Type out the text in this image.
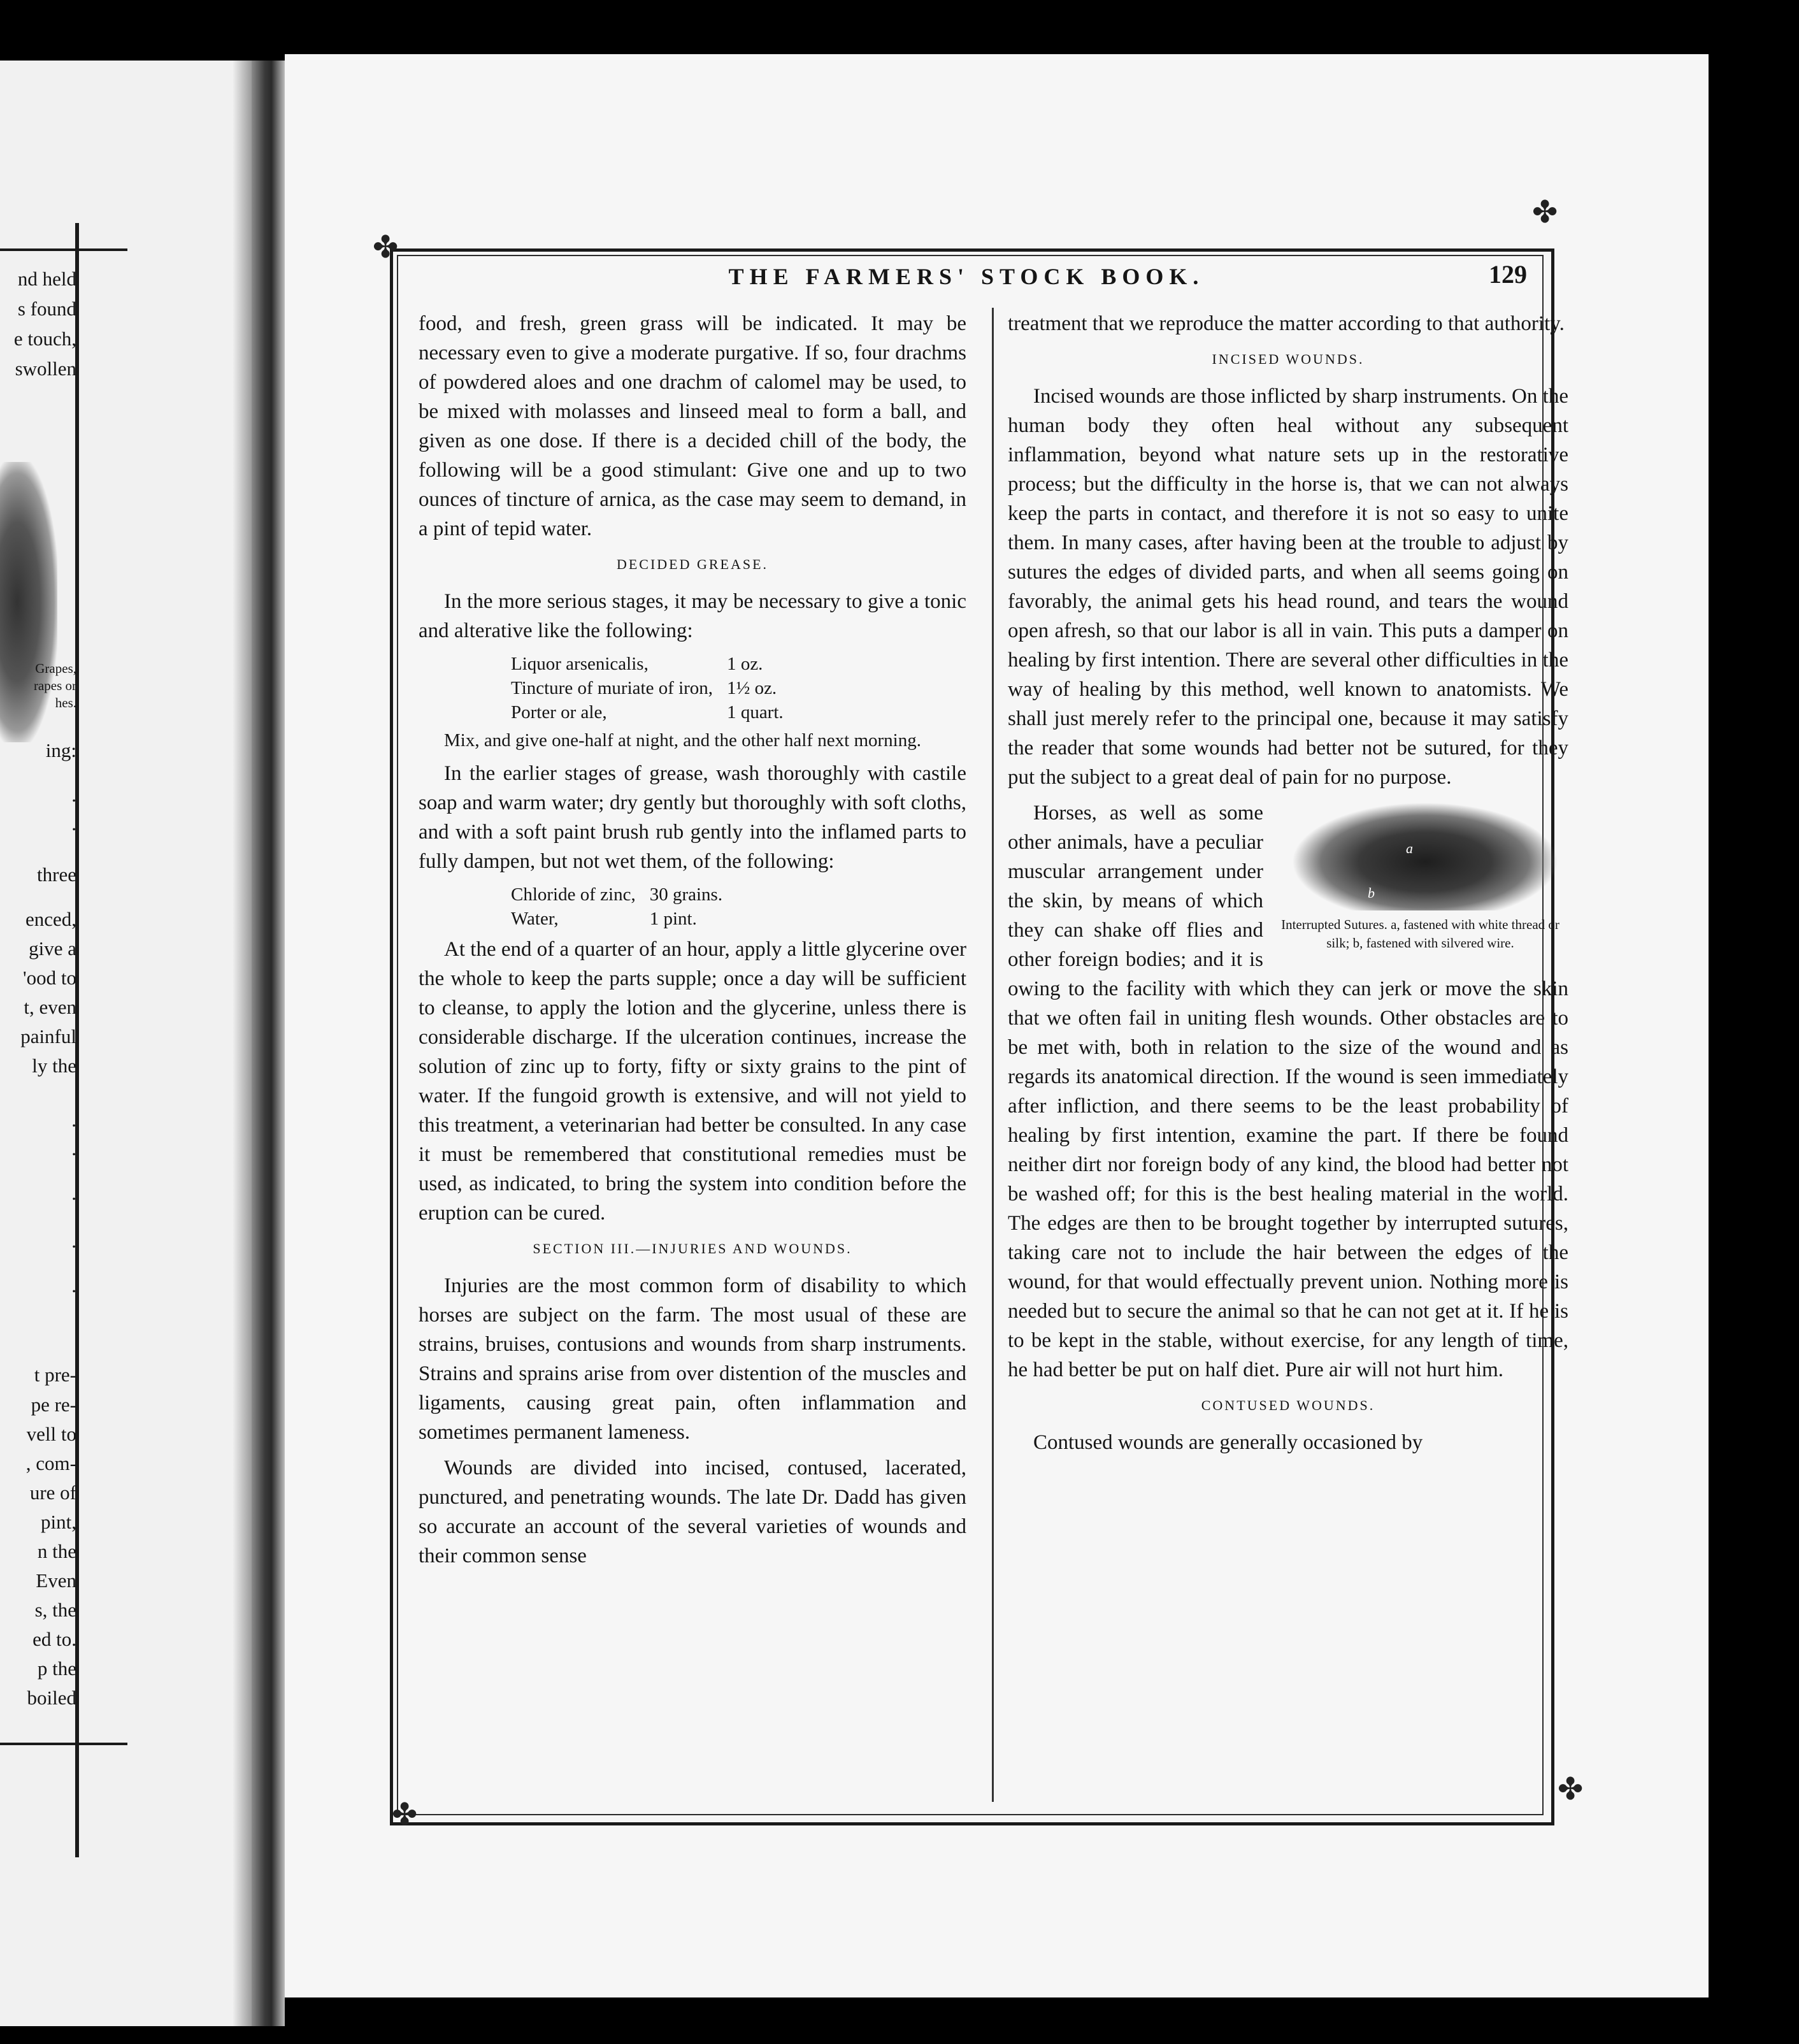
nd held
s found
e touch,
swollen
ing:
.
.
three
enced,
give a
'ood to
t, even
painful
ly the
.
.
.
.
.
t pre-
pe re-
vell to
, com-
ure of
pint,
n the
Even
s, the
ed to.
p the
boiled
Grapes,
rapes or
hes.
✤
✤
✤
✤
THE FARMERS' STOCK BOOK.	129

food, and fresh, green grass will be indicated. It may be necessary even to give a moderate purgative. If so, four drachms of powdered aloes and one drachm of calomel may be used, to be mixed with molasses and linseed meal to form a ball, and given as one dose. If there is a decided chill of the body, the following will be a good stimulant: Give one and up to two ounces of tincture of arnica, as the case may seem to demand, in a pint of tepid water.

DECIDED GREASE.

In the more serious stages, it may be necessary to give a tonic and alterative like the following:

Liquor arsenicalis,	1 oz.
Tincture of muriate of iron,	1½ oz.
Porter or ale,	1 quart.

Mix, and give one-half at night, and the other half next morning.

In the earlier stages of grease, wash thoroughly with castile soap and warm water; dry gently but thoroughly with soft cloths, and with a soft paint brush rub gently into the inflamed parts to fully dampen, but not wet them, of the following:

Chloride of zinc,	30 grains.
Water,	1 pint.

At the end of a quarter of an hour, apply a little glycerine over the whole to keep the parts supple; once a day will be sufficient to cleanse, to apply the lotion and the glycerine, unless there is considerable discharge. If the ulceration continues, increase the solution of zinc up to forty, fifty or sixty grains to the pint of water. If the fungoid growth is extensive, and will not yield to this treatment, a veterinarian had better be consulted. In any case it must be remembered that constitutional remedies must be used, as indicated, to bring the system into condition before the eruption can be cured.

SECTION III.—INJURIES AND WOUNDS.

Injuries are the most common form of disability to which horses are subject on the farm. The most usual of these are strains, bruises, contusions and wounds from sharp instruments. Strains and sprains arise from over distention of the muscles and ligaments, causing great pain, often inflammation and sometimes permanent lameness.

Wounds are divided into incised, contused, lacerated, punctured, and penetrating wounds. The late Dr. Dadd has given so accurate an account of the several varieties of wounds and their common sense

treatment that we reproduce the matter according to that authority.

INCISED WOUNDS.

Incised wounds are those inflicted by sharp instruments. On the human body they often heal without any subsequent inflammation, beyond what nature sets up in the restorative process; but the difficulty in the horse is, that we can not always keep the parts in contact, and therefore it is not so easy to unite them. In many cases, after having been at the trouble to adjust by sutures the edges of divided parts, and when all seems going on favorably, the animal gets his head round, and tears the wound open afresh, so that our labor is all in vain. This puts a damper on healing by first intention. There are several other difficulties in the way of healing by this method, well known to anatomists. We shall just merely refer to the principal one, because it may satisfy the reader that some wounds had better not be sutured, for they put the subject to a great deal of pain for no purpose.

a
b
Interrupted Sutures. a, fastened with white thread or silk; b, fastened with silvered wire.

Horses, as well as some other animals, have a peculiar muscular arrangement under the skin, by means of which they can shake off flies and other foreign bodies; and it is owing to the facility with which they can jerk or move the skin that we often fail in uniting flesh wounds. Other obstacles are to be met with, both in relation to the size of the wound and as regards its anatomical direction. If the wound is seen immediately after infliction, and there seems to be the least probability of healing by first intention, examine the part. If there be found neither dirt nor foreign body of any kind, the blood had better not be washed off; for this is the best healing material in the world. The edges are then to be brought together by interrupted sutures, taking care not to include the hair between the edges of the wound, for that would effectually prevent union. Nothing more is needed but to secure the animal so that he can not get at it. If he is to be kept in the stable, without exercise, for any length of time, he had better be put on half diet. Pure air will not hurt him.

CONTUSED WOUNDS.

Contused wounds are generally occasioned by
